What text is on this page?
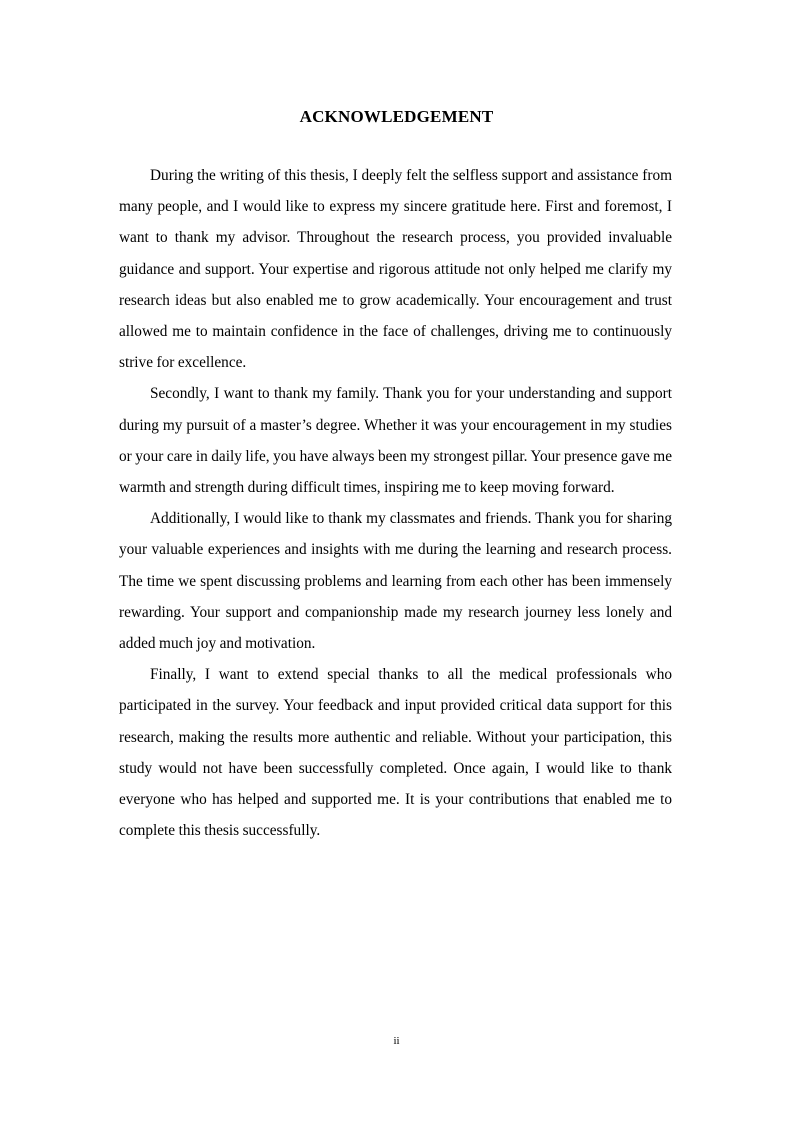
ACKNOWLEDGEMENT

During the writing of this thesis, I deeply felt the selfless support and assistance from many people, and I would like to express my sincere gratitude here. First and foremost, I want to thank my advisor. Throughout the research process, you provided invaluable guidance and support. Your expertise and rigorous attitude not only helped me clarify my research ideas but also enabled me to grow academically. Your encouragement and trust allowed me to maintain confidence in the face of challenges, driving me to continuously strive for excellence.

Secondly, I want to thank my family. Thank you for your understanding and support during my pursuit of a master’s degree. Whether it was your encouragement in my studies or your care in daily life, you have always been my strongest pillar. Your presence gave me warmth and strength during difficult times, inspiring me to keep moving forward.

Additionally, I would like to thank my classmates and friends. Thank you for sharing your valuable experiences and insights with me during the learning and research process. The time we spent discussing problems and learning from each other has been immensely rewarding. Your support and companionship made my research journey less lonely and added much joy and motivation.

Finally, I want to extend special thanks to all the medical professionals who participated in the survey. Your feedback and input provided critical data support for this research, making the results more authentic and reliable. Without your participation, this study would not have been successfully completed. Once again, I would like to thank everyone who has helped and supported me. It is your contributions that enabled me to complete this thesis successfully.

ii
